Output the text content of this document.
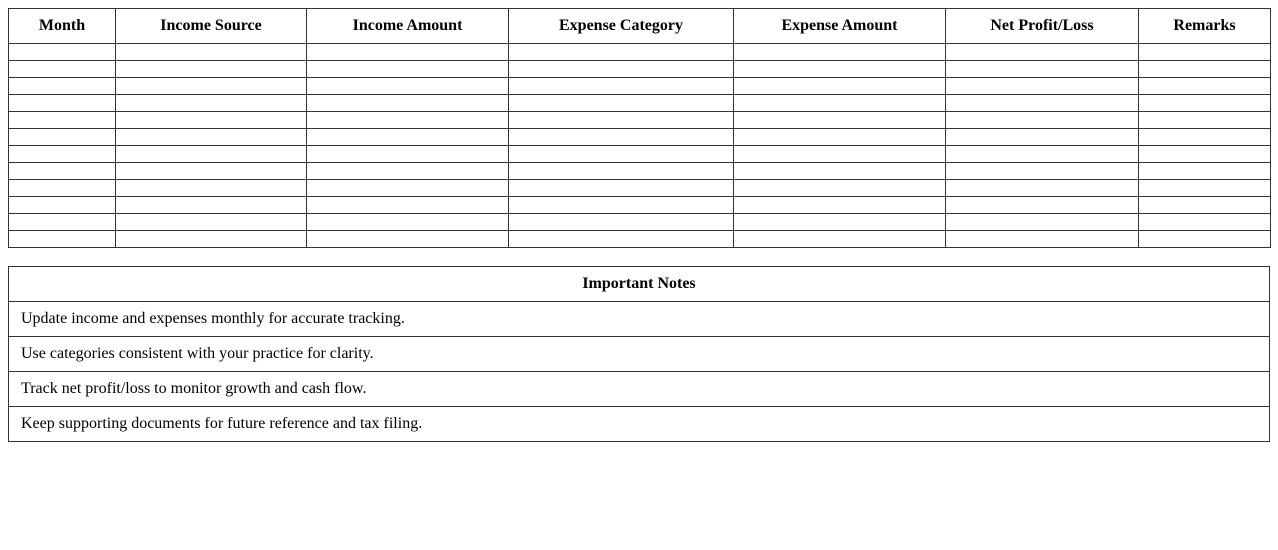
Month	Income Source	Income Amount	Expense Category	Expense Amount	Net Profit/Loss	Remarks

Important Notes
Update income and expenses monthly for accurate tracking.
Use categories consistent with your practice for clarity.
Track net profit/loss to monitor growth and cash flow.
Keep supporting documents for future reference and tax filing.
